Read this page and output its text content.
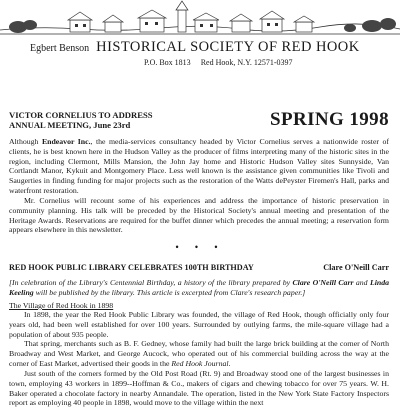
Egbert Benson HISTORICAL SOCIETY OF RED HOOK
P.O. Box 1813 Red Hook, N.Y. 12571-0397
VICTOR CORNELIUS TO ADDRESS
ANNUAL MEETING, June 23rd	SPRING 1998
Although Endeavor Inc., the media-services consultancy headed by Victor Cornelius serves a nationwide roster of clients, he is best known here in the Hudson Valley as the producer of films interpreting many of the historic sites in the region, including Clermont, Mills Mansion, the John Jay home and Historic Hudson Valley sites Sunnyside, Van Cortlandt Manor, Kykuit and Montgomery Place. Less well known is the assistance given communities like Tivoli and Saugerties in finding funding for major projects such as the restoration of the Watts dePeyster Firemen's Hall, parks and waterfront restoration.
Mr. Cornelius will recount some of his experiences and address the importance of historic preservation in community planning. His talk will be preceded by the Historical Society's annual meeting and presentation of the Heritage Awards. Reservations are required for the buffet dinner which precedes the annual meeting; a reservation form appears elsewhere in this newsletter.
• • •
RED HOOK PUBLIC LIBRARY CELEBRATES 100TH BIRTHDAY	Clare O'Neill Carr
[In celebration of the Library's Centennial Birthday, a history of the library prepared by Clare O'Neill Carr and Linda Keeling will be published by the library. This article is excerpted from Clare's research paper.]
The Village of Red Hook in 1898
In 1898, the year the Red Hook Public Library was founded, the village of Red Hook, though officially only four years old, had been well established for over 100 years. Surrounded by outlying farms, the mile-square village had a population of about 935 people.
That spring, merchants such as B. F. Gedney, whose family had built the large brick building at the corner of North Broadway and West Market, and George Aucock, who operated out of his commercial building across the way at the corner of East Market, advertised their goods in the Red Hook Journal.
Just south of the corners formed by the Old Post Road (Rt. 9) and Broadway stood one of the largest businesses in town, employing 43 workers in 1899--Hoffman & Co., makers of cigars and chewing tobacco for over 75 years. W. H. Baker operated a chocolate factory in nearby Annandale. The operation, listed in the New York State Factory Inspectors report as employing 40 people in 1898, would move to the village within the next
